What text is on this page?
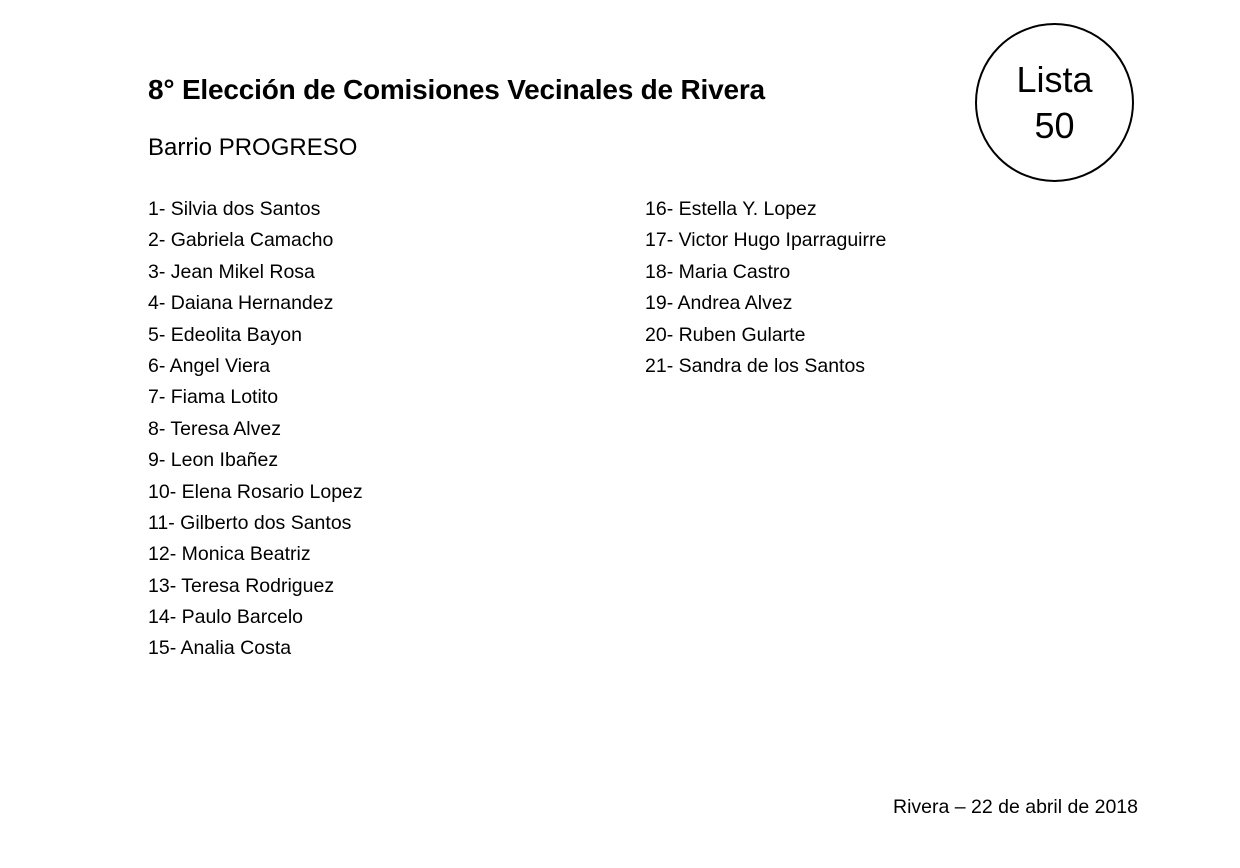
8° Elección de Comisiones Vecinales de Rivera
Barrio PROGRESO
Lista
50
1- Silvia dos Santos
2- Gabriela Camacho
3- Jean Mikel Rosa
4- Daiana Hernandez
5- Edeolita Bayon
6- Angel Viera
7- Fiama Lotito
8- Teresa Alvez
9- Leon Ibañez
10- Elena Rosario Lopez
11- Gilberto dos Santos
12- Monica Beatriz
13- Teresa Rodriguez
14- Paulo Barcelo
15- Analia Costa
16- Estella Y. Lopez
17- Victor Hugo Iparraguirre
18- Maria Castro
19- Andrea Alvez
20- Ruben Gularte
21- Sandra de los Santos
Rivera – 22 de abril de 2018
